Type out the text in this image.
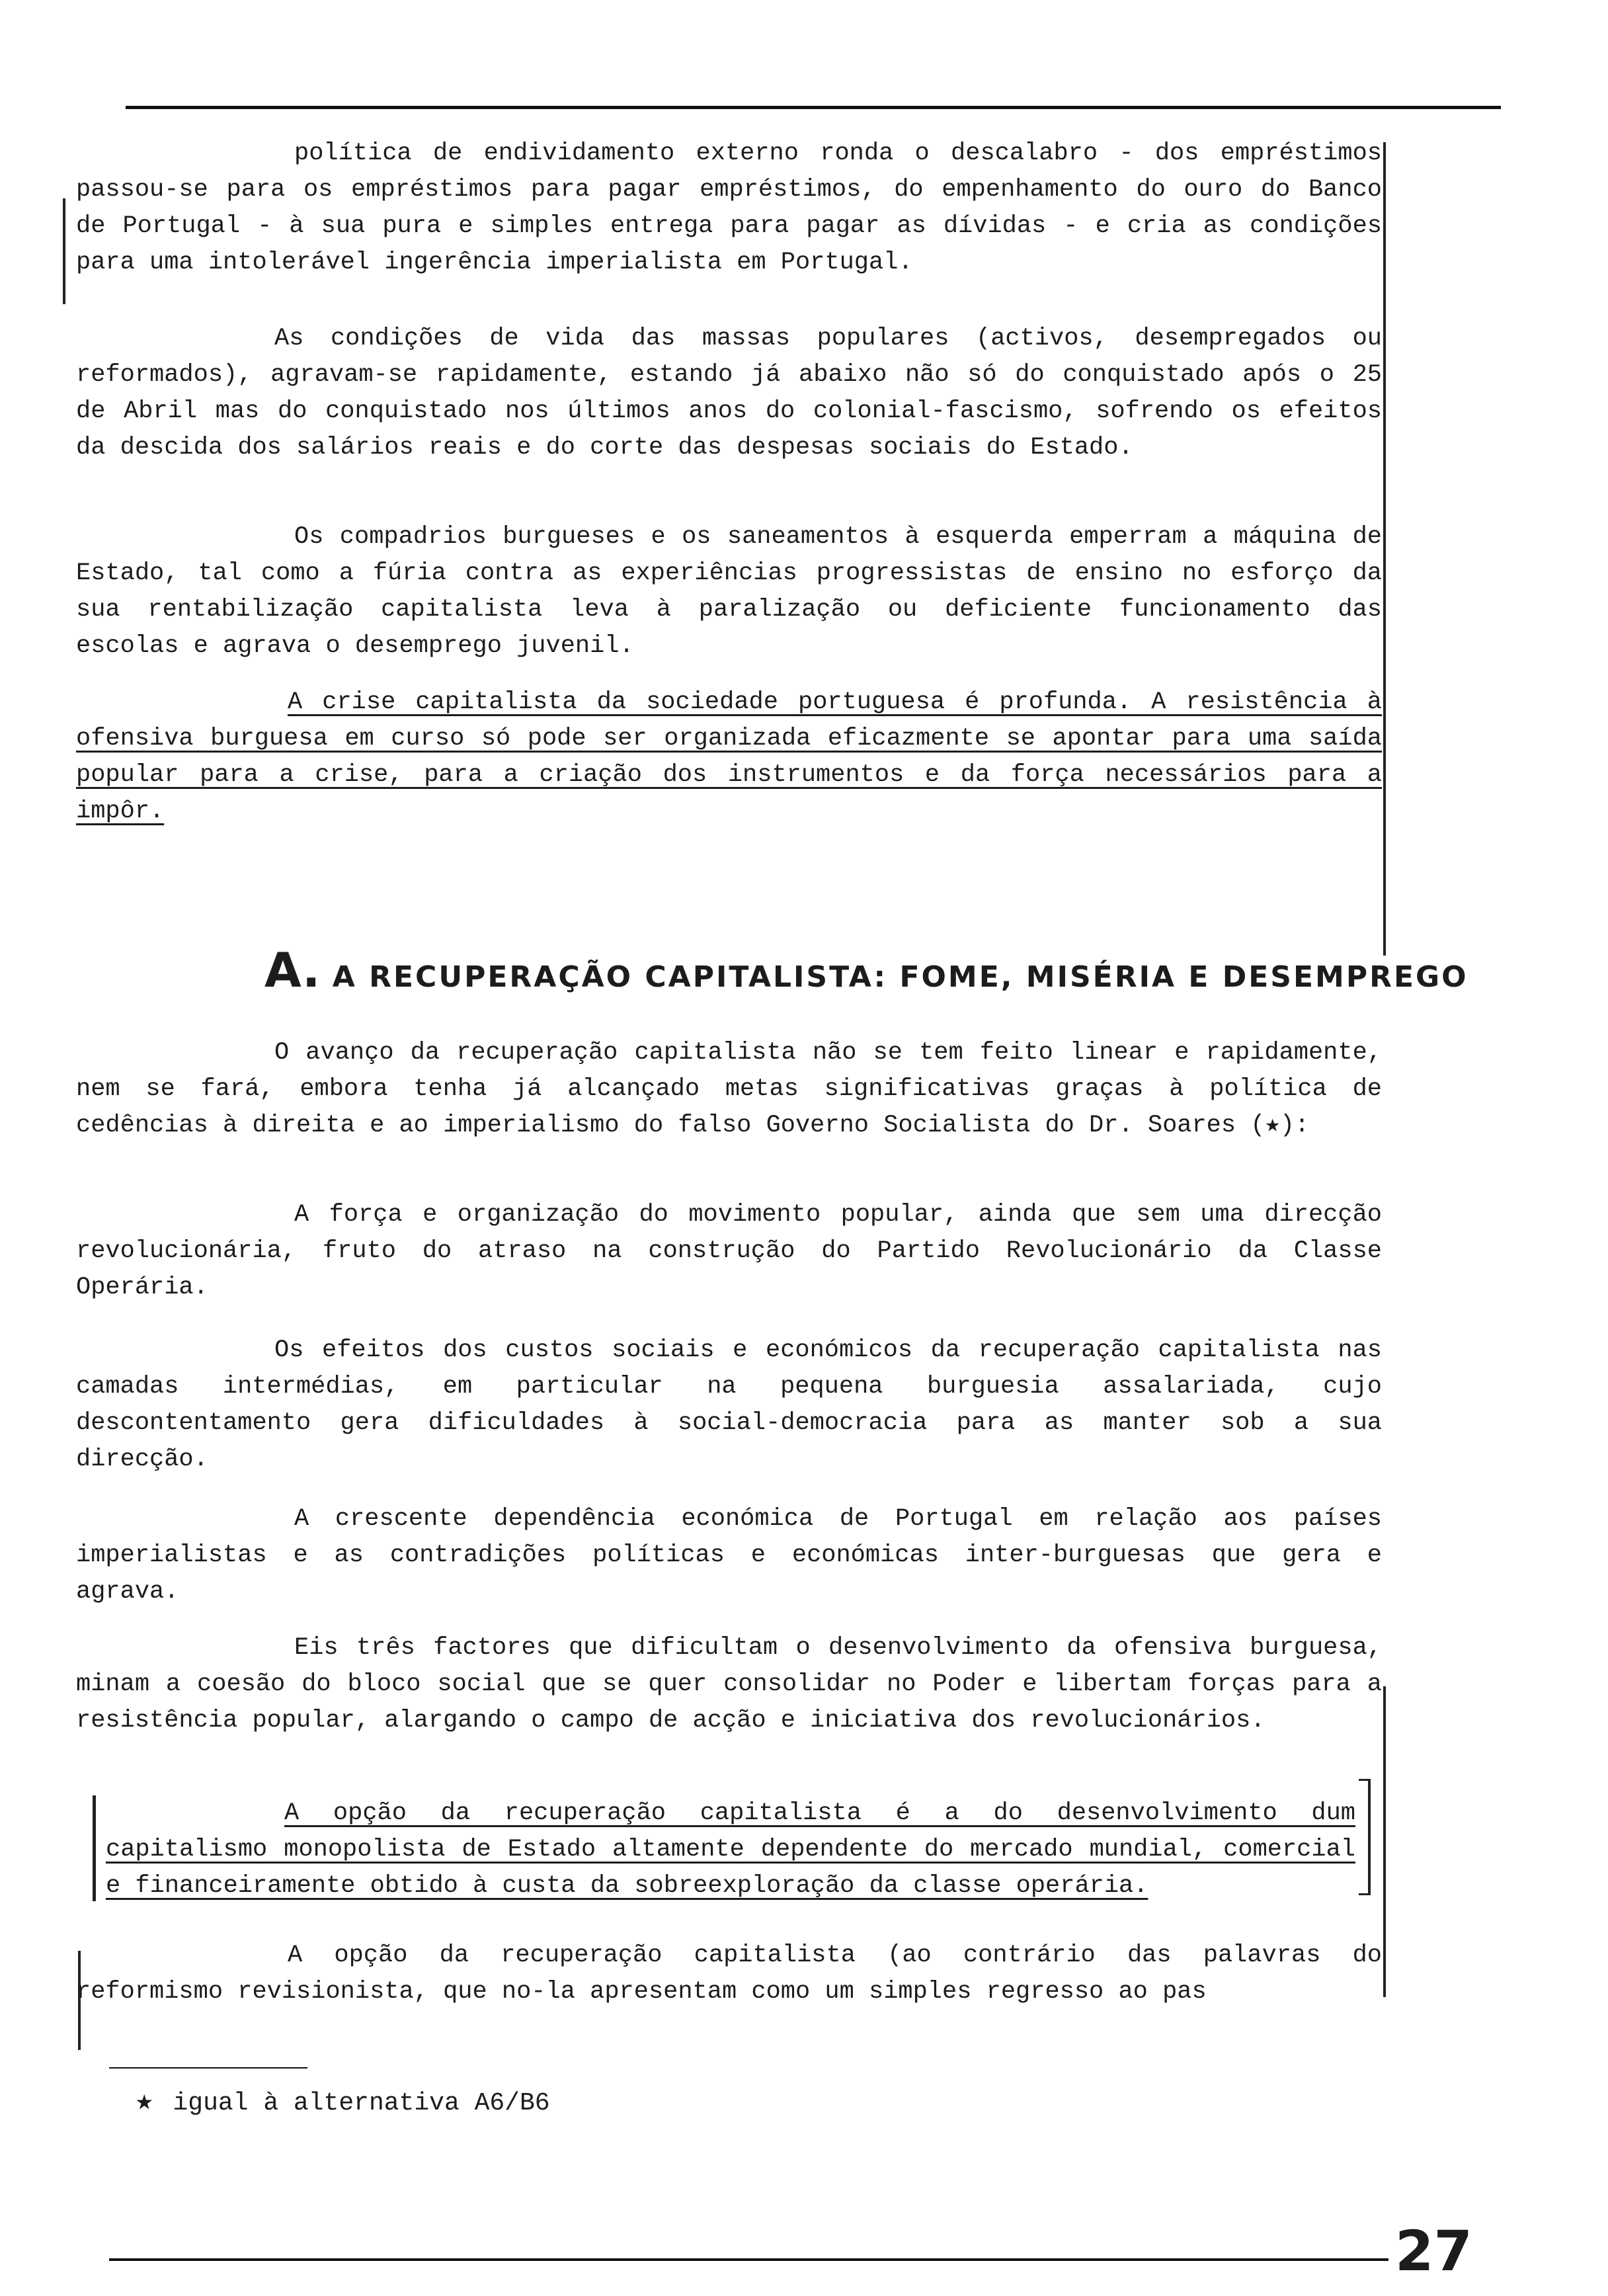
política de endividamento externo ronda o descalabro - dos empréstimos passou-se para os empréstimos para pagar empréstimos, do empenhamento do ouro do Banco de Portugal - à sua pura e simples entrega para pagar as dívidas - e cria as condições para uma intolerável ingerência imperialista em Portugal.

As condições de vida das massas populares (activos, desempregados ou reformados), agravam-se rapidamente, estando já abaixo não só do conquistado após o 25 de Abril mas do conquistado nos últimos anos do colonial-fascismo, sofrendo os efeitos da descida dos salários reais e do corte das despesas sociais do Estado.

Os compadrios burgueses e os saneamentos à esquerda emperram a máquina de Estado, tal como a fúria contra as experiências progressistas de ensino no esforço da sua rentabilização capitalista leva à paralização ou deficiente funcionamento das escolas e agrava o desemprego juvenil.

A crise capitalista da sociedade portuguesa é profunda. A resistência à ofensiva burguesa em curso só pode ser organizada eficazmente se apontar para uma saída popular para a crise, para a criação dos instrumentos e da força necessários para a impôr.

A. A RECUPERAÇÃO CAPITALISTA: FOME, MISÉRIA E DESEMPREGO

O avanço da recuperação capitalista não se tem feito linear e rapidamente, nem se fará, embora tenha já alcançado metas significativas graças à política de cedências à direita e ao imperialismo do falso Governo Socialista do Dr. Soares (★):

A força e organização do movimento popular, ainda que sem uma direcção revolucionária, fruto do atraso na construção do Partido Revolucionário da Classe Operária.

Os efeitos dos custos sociais e económicos da recuperação capitalista nas camadas intermédias, em particular na pequena burguesia assalariada, cujo descontentamento gera dificuldades à social-democracia para as manter sob a sua direcção.

A crescente dependência económica de Portugal em relação aos países imperialistas e as contradições políticas e económicas inter-burguesas que gera e agrava.

Eis três factores que dificultam o desenvolvimento da ofensiva burguesa, minam a coesão do bloco social que se quer consolidar no Poder e libertam forças para a resistência popular, alargando o campo de acção e iniciativa dos revolucionários.

A opção da recuperação capitalista é a do desenvolvimento dum capitalismo monopolista de Estado altamente dependente do mercado mundial, comercial e financeiramente obtido à custa da sobreexploração da classe operária.

A opção da recuperação capitalista (ao contrário das palavras do reformismo revisionista, que no-la apresentam como um simples regresso ao pas

★ igual à alternativa A6/B6
27
